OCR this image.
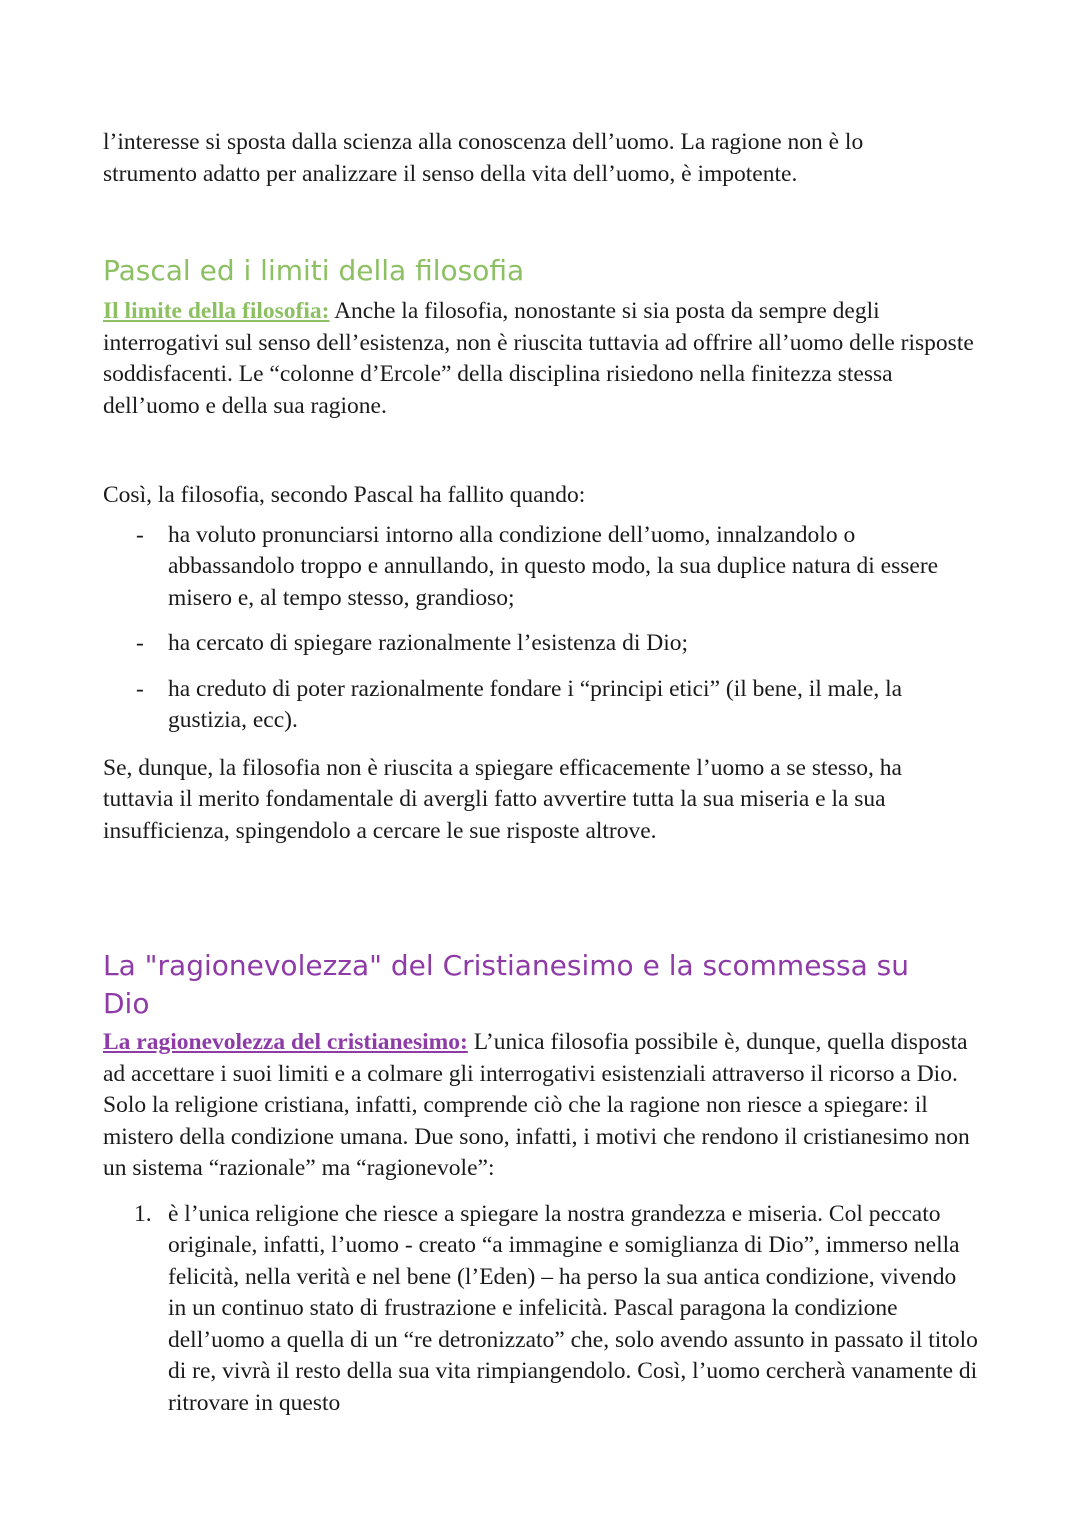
l’interesse si sposta dalla scienza alla conoscenza dell’uomo. La ragione non è lo strumento adatto per analizzare il senso della vita dell’uomo, è impotente.

Pascal ed i limiti della filosofia

Il limite della filosofia: Anche la filosofia, nonostante si sia posta da sempre degli interrogativi sul senso dell’esistenza, non è riuscita tuttavia ad offrire all’uomo delle risposte soddisfacenti. Le “colonne d’Ercole” della disciplina risiedono nella finitezza stessa dell’uomo e della sua ragione.

Così, la filosofia, secondo Pascal ha fallito quando:

- ha voluto pronunciarsi intorno alla condizione dell’uomo, innalzandolo o abbassandolo troppo e annullando, in questo modo, la sua duplice natura di essere misero e, al tempo stesso, grandioso;
- ha cercato di spiegare razionalmente l’esistenza di Dio;
- ha creduto di poter razionalmente fondare i “principi etici” (il bene, il male, la gustizia, ecc).

Se, dunque, la filosofia non è riuscita a spiegare efficacemente l’uomo a se stesso, ha tuttavia il merito fondamentale di avergli fatto avvertire tutta la sua miseria e la sua insufficienza, spingendolo a cercare le sue risposte altrove.

La "ragionevolezza" del Cristianesimo e la scommessa su
Dio

La ragionevolezza del cristianesimo: L’unica filosofia possibile è, dunque, quella disposta ad accettare i suoi limiti e a colmare gli interrogativi esistenziali attraverso il ricorso a Dio. Solo la religione cristiana, infatti, comprende ciò che la ragione non riesce a spiegare: il mistero della condizione umana. Due sono, infatti, i motivi che rendono il cristianesimo non un sistema “razionale” ma “ragionevole”:

1. è l’unica religione che riesce a spiegare la nostra grandezza e miseria. Col peccato originale, infatti, l’uomo - creato “a immagine e somiglianza di Dio”, immerso nella felicità, nella verità e nel bene (l’Eden) – ha perso la sua antica condizione, vivendo in un continuo stato di frustrazione e infelicità. Pascal paragona la condizione dell’uomo a quella di un “re detronizzato” che, solo avendo assunto in passato il titolo di re, vivrà il resto della sua vita rimpiangendolo. Così, l’uomo cercherà vanamente di ritrovare in questo
